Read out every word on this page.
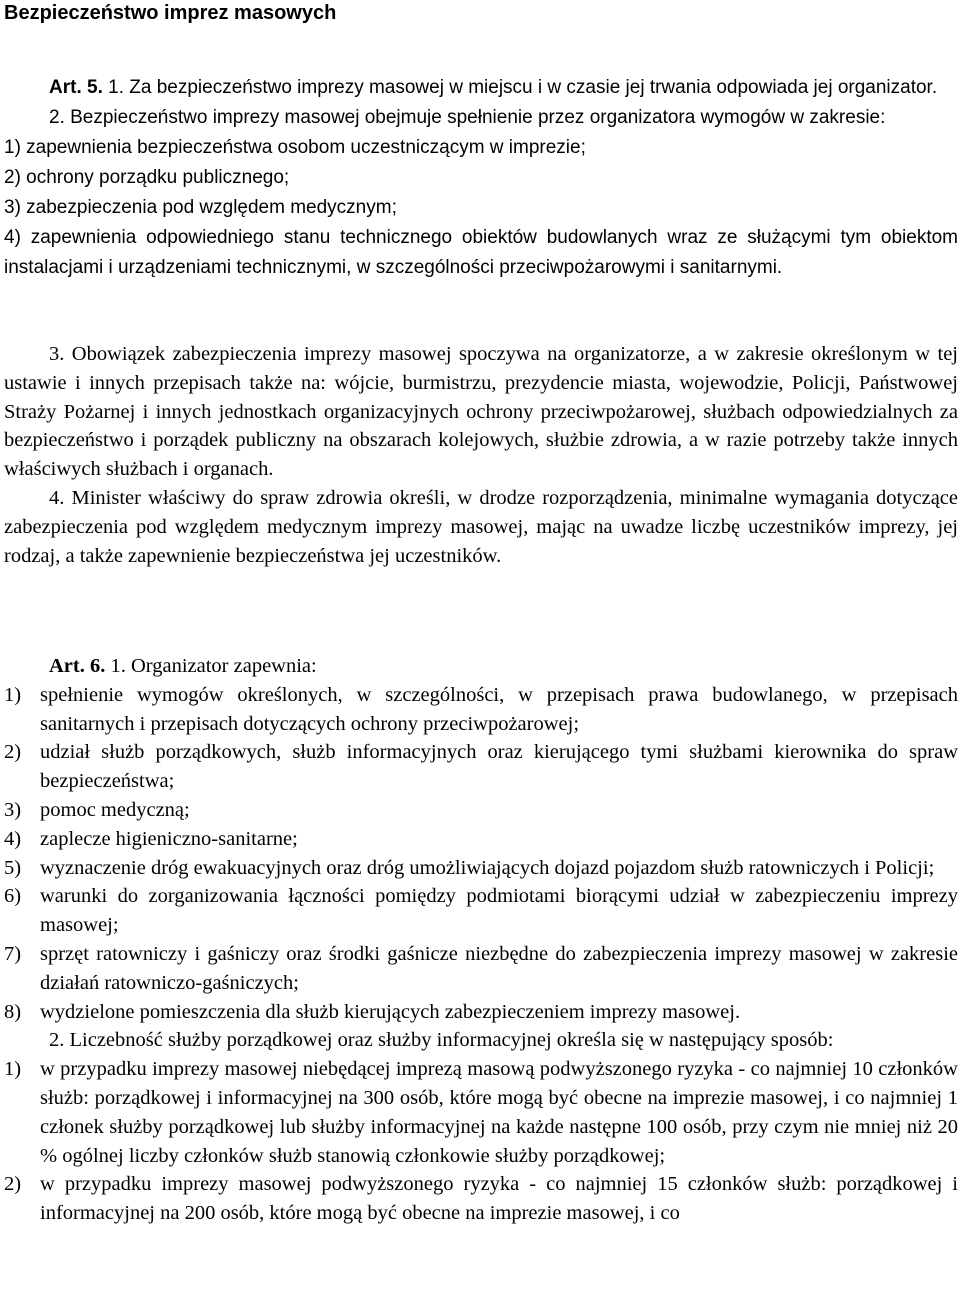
Bezpieczeństwo imprez masowych

Art. 5. 1. Za bezpieczeństwo imprezy masowej w miejscu i w czasie jej trwania odpowiada jej organizator.

2. Bezpieczeństwo imprezy masowej obejmuje spełnienie przez organizatora wymogów w zakresie:

1) zapewnienia bezpieczeństwa osobom uczestniczącym w imprezie;

2) ochrony porządku publicznego;

3) zabezpieczenia pod względem medycznym;

4) zapewnienia odpowiedniego stanu technicznego obiektów budowlanych wraz ze służącymi tym obiektom instalacjami i urządzeniami technicznymi, w szczególności przeciwpożarowymi i sanitarnymi.

3. Obowiązek zabezpieczenia imprezy masowej spoczywa na organizatorze, a w zakresie określonym w tej ustawie i innych przepisach także na: wójcie, burmistrzu, prezydencie miasta, wojewodzie, Policji, Państwowej Straży Pożarnej i innych jednostkach organizacyjnych ochrony przeciwpożarowej, służbach odpowiedzialnych za bezpieczeństwo i porządek publiczny na obszarach kolejowych, służbie zdrowia, a w razie potrzeby także innych właściwych służbach i organach.

4. Minister właściwy do spraw zdrowia określi, w drodze rozporządzenia, minimalne wymagania dotyczące zabezpieczenia pod względem medycznym imprezy masowej, mając na uwadze liczbę uczestników imprezy, jej rodzaj, a także zapewnienie bezpieczeństwa jej uczestników.

Art. 6. 1. Organizator zapewnia:

1) spełnienie wymogów określonych, w szczególności, w przepisach prawa budowlanego, w przepisach sanitarnych i przepisach dotyczących ochrony przeciwpożarowej;
2) udział służb porządkowych, służb informacyjnych oraz kierującego tymi służbami kierownika do spraw bezpieczeństwa;
3) pomoc medyczną;
4) zaplecze higieniczno-sanitarne;
5) wyznaczenie dróg ewakuacyjnych oraz dróg umożliwiających dojazd pojazdom służb ratowniczych i Policji;
6) warunki do zorganizowania łączności pomiędzy podmiotami biorącymi udział w zabezpieczeniu imprezy masowej;
7) sprzęt ratowniczy i gaśniczy oraz środki gaśnicze niezbędne do zabezpieczenia imprezy masowej w zakresie działań ratowniczo-gaśniczych;
8) wydzielone pomieszczenia dla służb kierujących zabezpieczeniem imprezy masowej.

2. Liczebność służby porządkowej oraz służby informacyjnej określa się w następujący sposób:

1) w przypadku imprezy masowej niebędącej imprezą masową podwyższonego ryzyka - co najmniej 10 członków służb: porządkowej i informacyjnej na 300 osób, które mogą być obecne na imprezie masowej, i co najmniej 1 członek służby porządkowej lub służby informacyjnej na każde następne 100 osób, przy czym nie mniej niż 20 % ogólnej liczby członków służb stanowią członkowie służby porządkowej;
2) w przypadku imprezy masowej podwyższonego ryzyka - co najmniej 15 członków służb: porządkowej i informacyjnej na 200 osób, które mogą być obecne na imprezie masowej, i co
